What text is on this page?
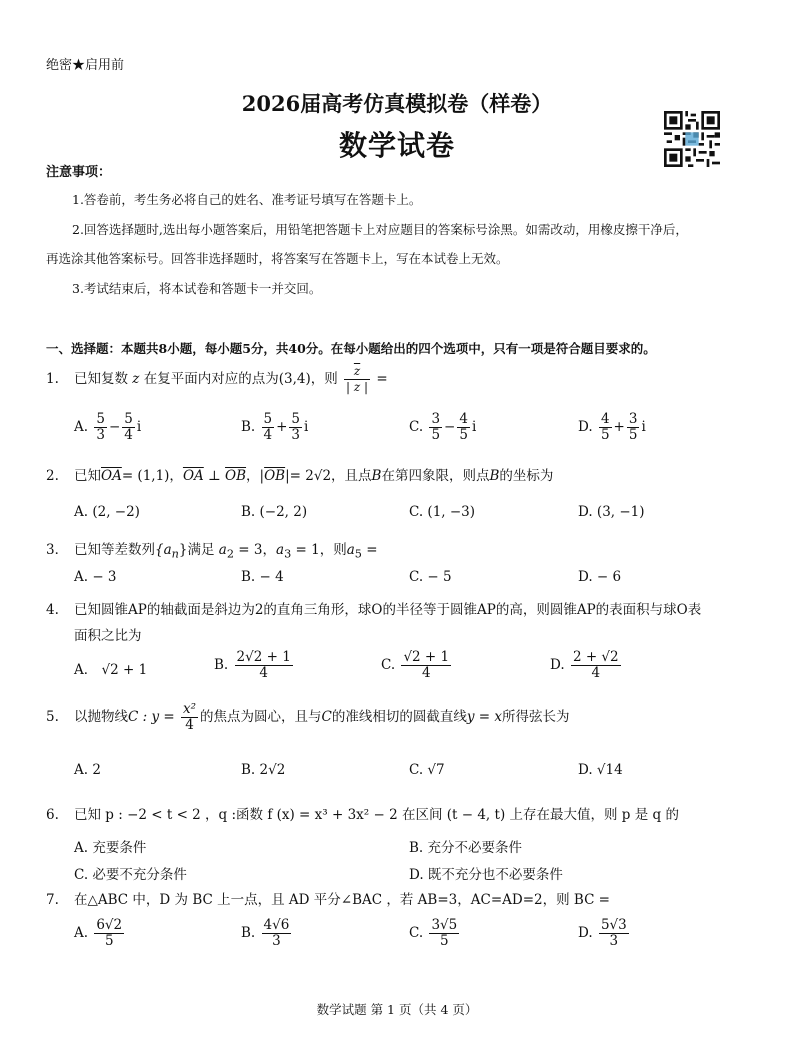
绝密★启用前
2026届高考仿真模拟卷（样卷）
数学试卷
注意事项：
1.答卷前，考生务必将自己的姓名、准考证号填写在答题卡上。
2.回答选择题时,选出每小题答案后，用铅笔把答题卡上对应题目的答案标号涂黑。如需改动，用橡皮擦干净后，
再选涂其他答案标号。回答非选择题时，将答案写在答题卡上，写在本试卷上无效。
3.考试结束后，将本试卷和答题卡一并交回。
一、选择题：本题共8小题，每小题5分，共40分。在每小题给出的四个选项中，只有一项是符合题目要求的。
1. 已知复数 z 在复平面内对应的点为(3,4)，则 $\frac{\overline{z}}{| z |}$ =
A. $\frac{5}{3} - \frac{5}{4}$ i	B. $\frac{5}{4} + \frac{5}{3}$ i	C. $\frac{3}{5} - \frac{4}{5}$ i	D. $\frac{4}{5} + \frac{3}{5}$ i
2. 已知$\overline{OA}= (1,1)$，$\overline{OA}$ ⊥ $\overline{OB}$，$|\overline{OB}|= 2√2$，且点B在第四象限，则点B的坐标为
A. (2, −2)	B. (−2, 2)	C. (1, −3)	D. (3, −1)
3． 已知等差数列$\{a_n\}$满足 $a_2 = 3$，$a_3 = 1$，则$a_5$ =
A. − 3	B. − 4	C. − 5	D. − 6
4. 已知圆锥AP的轴截面是斜边为2的直角三角形，球O的半径等于圆锥AP的高，则圆锥AP的表面积与球O表
面积之比为
A． √2 + 1	B. $\frac{2√2 + 1}{4}$	C. $\frac{√2 + 1}{4}$	D. $\frac{2 + √2}{4}$
5. 以抛物线C : $y = \frac{\text{x²}}{4}$ 的焦点为圆心，且与C的准线相切的圆截直线y = x所得弦长为
A. 2	B. 2√2	C. √7	D. √14
6. 已知 p : −2 < t < 2 ，q :函数 f (x) = x³ + 3x² − 2 在区间 (t − 4, t) 上存在最大值，则 p 是 q 的
A. 充要条件	B. 充分不必要条件
C. 必要不充分条件	D. 既不充分也不必要条件
7. 在△ABC 中，D 为 BC 上一点，且 AD 平分∠BAC ，若 AB=3，AC=AD=2，则 BC =
A. $\frac{6√2}{5}$	B. $\frac{4√6}{3}$	C. $\frac{3√5}{5}$	D. $\frac{5√3}{3}$
数学试题 第 1 页（共 4 页）
